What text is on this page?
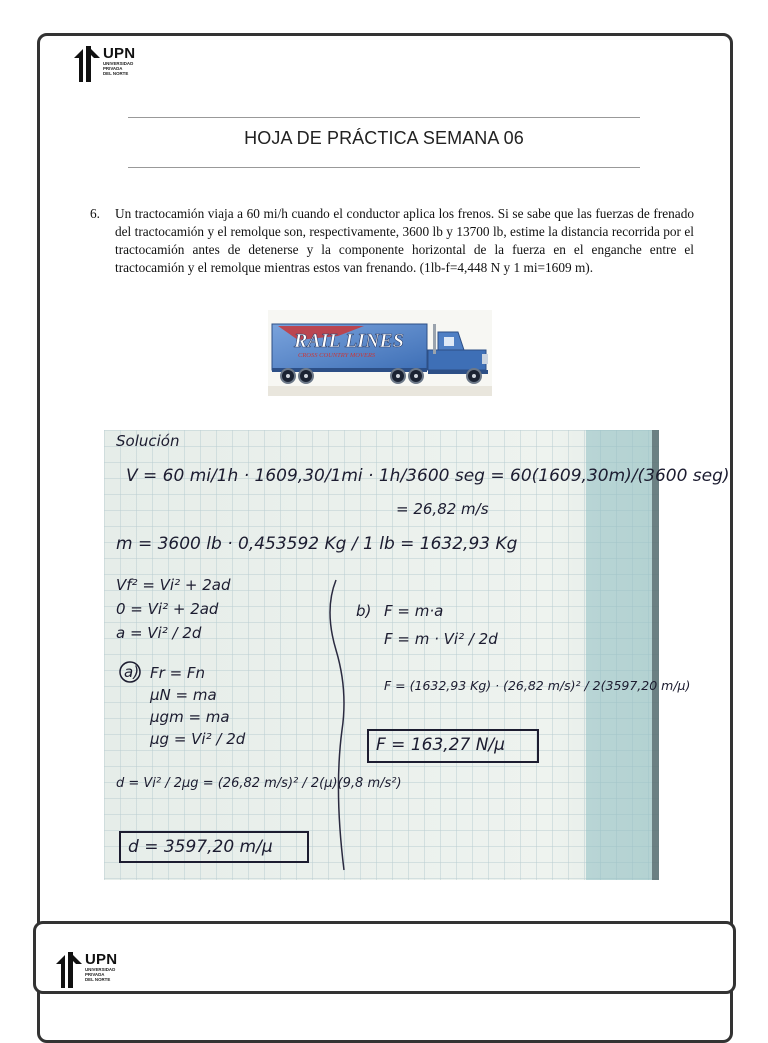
UPN
UNIVERSIDAD
PRIVADA
DEL NORTE
HOJA DE PRÁCTICA SEMANA 06
6.	Un tractocamión viaja a 60 mi/h cuando el conductor aplica los frenos. Si se sabe que las fuerzas de frenado del tractocamión y el remolque son, respectivamente, 3600 lb y 13700 lb, estime la distancia recorrida por el tractocamión antes de detenerse y la componente horizontal de la fuerza en el enganche entre el tractocamión y el remolque mientras estos van frenando. (1lb-f=4,448 N y 1 mi=1609 m).
RAIL LINES
CROSS COUNTRY MOVERS
Solución
V = 60 mi/1h · 1609,30/1mi · 1h/3600 seg = 60(1609,30m)/(3600 seg)
= 26,82 m/s
m = 3600 lb · 0,453592 Kg / 1 lb = 1632,93 Kg
Vf² = Vi² + 2ad
0 = Vi² + 2ad
a = Vi² / 2d
a) Fr = Fn
μN = ma
μgm = ma
μg = Vi² / 2d
d = Vi² / 2μg = (26,82 m/s)² / 2(μ)(9,8 m/s²)
d = 3597,20 m/μ
b) F = m·a
F = m · Vi² / 2d
F = (1632,93 Kg) · (26,82 m/s)² / 2(3597,20 m/μ)
F = 163,27 N/μ
UPN
UNIVERSIDAD
PRIVADA
DEL NORTE
